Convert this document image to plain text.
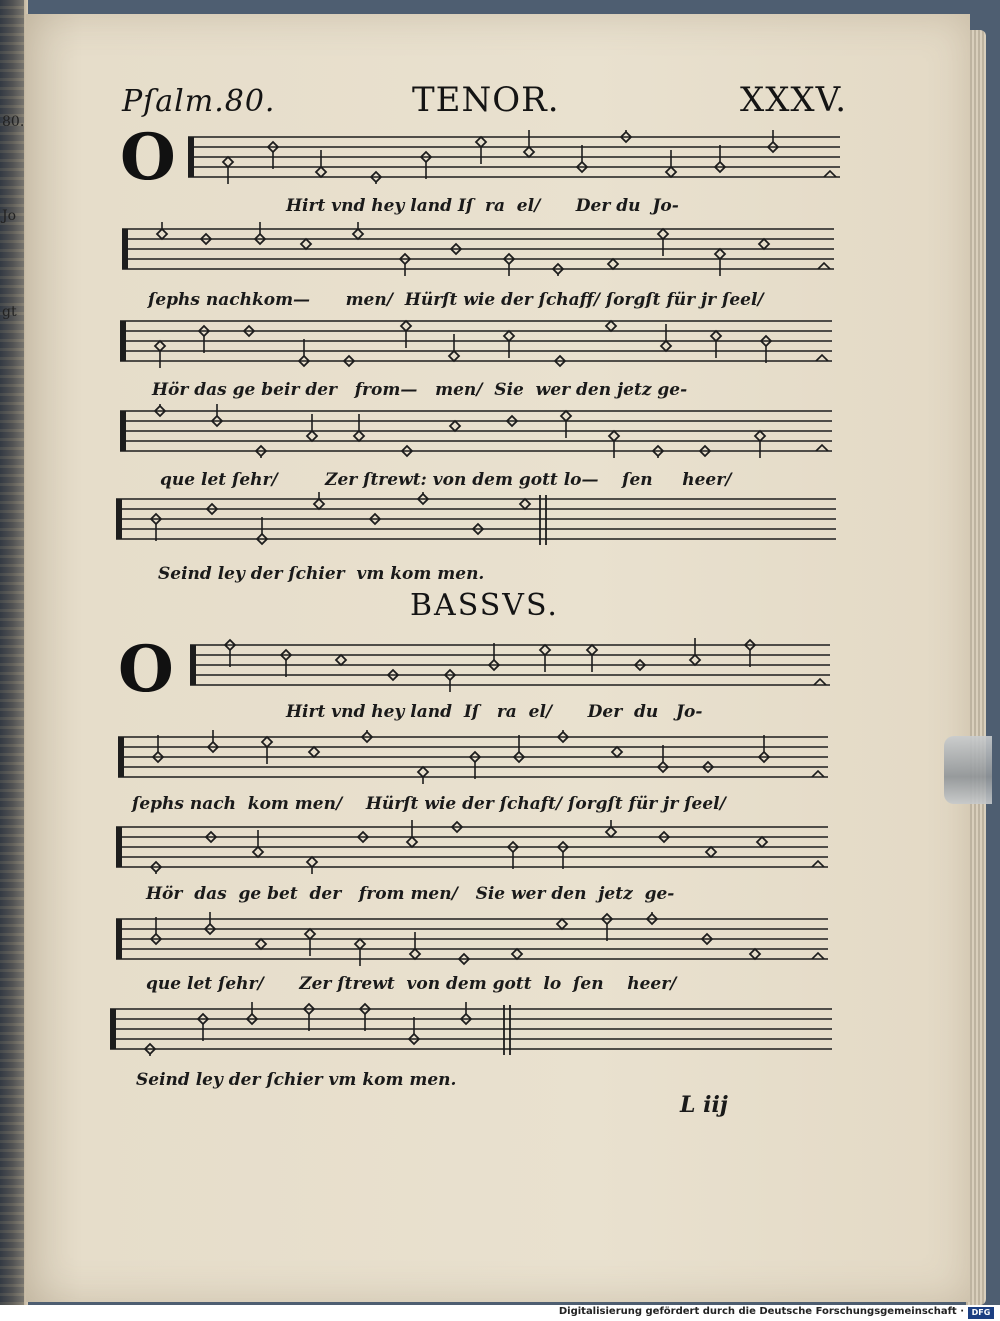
80.
Jo
gt
Pſalm.80.	TENOR.	XXXV.
O
Hirt vnd hey land Iſ  ra  el/      Der du  Jo-
ſephs nachkom—      men/  Hürſt wie der ſchaff/ ſorgſt für jr ſeel/
Hör das ge beir der   from—   men/  Sie  wer den jetz ge-
que let ſehr/        Zer ſtrewt: von dem gott lo—    ſen     heer/
Seind ley der ſchier  vm kom men.
BASSVS.
O
Hirt vnd hey land  Iſ   ra  el/      Der  du   Jo-
ſephs nach  kom men/    Hürſt wie der ſchaft/ ſorgſt für jr ſeel/
Hör  das  ge bet  der   from men/   Sie wer den  jetz  ge-
que let ſehr/      Zer ſtrewt  von dem gott  lo  ſen    heer/
Seind ley der ſchier vm kom men.
L iij
Digitalisierung gefördert durch die Deutsche Forschungsgemeinschaft · DFG
